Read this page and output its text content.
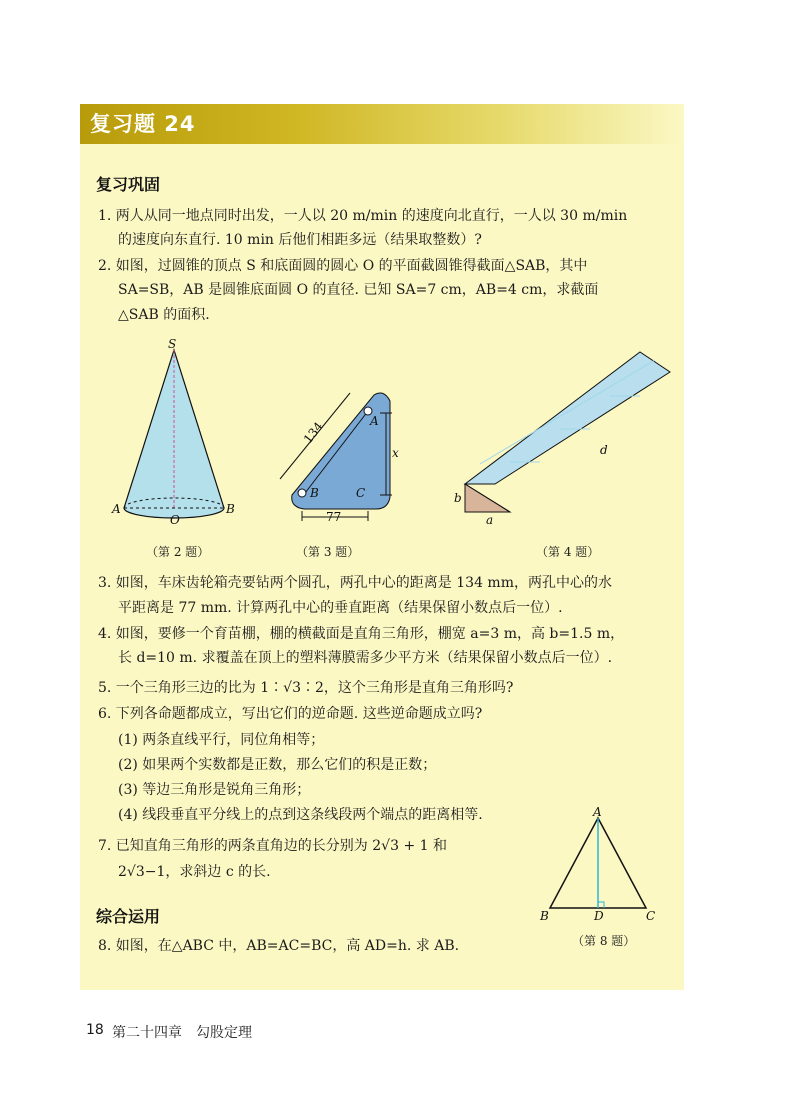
复习题 24
复习巩固
1. 两人从同一地点同时出发，一人以 20 m/min 的速度向北直行，一人以 30 m/min
的速度向东直行. 10 min 后他们相距多远（结果取整数）?
2. 如图，过圆锥的顶点 S 和底面圆的圆心 O 的平面截圆锥得截面△SAB，其中
SA=SB，AB 是圆锥底面圆 O 的直径. 已知 SA=7 cm，AB=4 cm，求截面
△SAB 的面积.
S
A	B
O
（第 2 题）
134
x
A
B	C
77
（第 3 题）
b
a
d
（第 4 题）
3. 如图，车床齿轮箱壳要钻两个圆孔，两孔中心的距离是 134 mm，两孔中心的水
平距离是 77 mm. 计算两孔中心的垂直距离（结果保留小数点后一位）.
4. 如图，要修一个育苗棚，棚的横截面是直角三角形，棚宽 a=3 m，高 b=1.5 m，
长 d=10 m. 求覆盖在顶上的塑料薄膜需多少平方米（结果保留小数点后一位）.
5. 一个三角形三边的比为 1∶√3∶2，这个三角形是直角三角形吗?
6. 下列各命题都成立，写出它们的逆命题. 这些逆命题成立吗?
(1) 两条直线平行，同位角相等；
(2) 如果两个实数都是正数，那么它们的积是正数；
(3) 等边三角形是锐角三角形；
(4) 线段垂直平分线上的点到这条线段两个端点的距离相等.
7. 已知直角三角形的两条直角边的长分别为 2√3 + 1 和
2√3−1，求斜边 c 的长.
综合运用
8. 如图，在△ABC 中，AB=AC=BC，高 AD=h. 求 AB.
A
B	C
D
（第 8 题）
18 第二十四章　勾股定理
